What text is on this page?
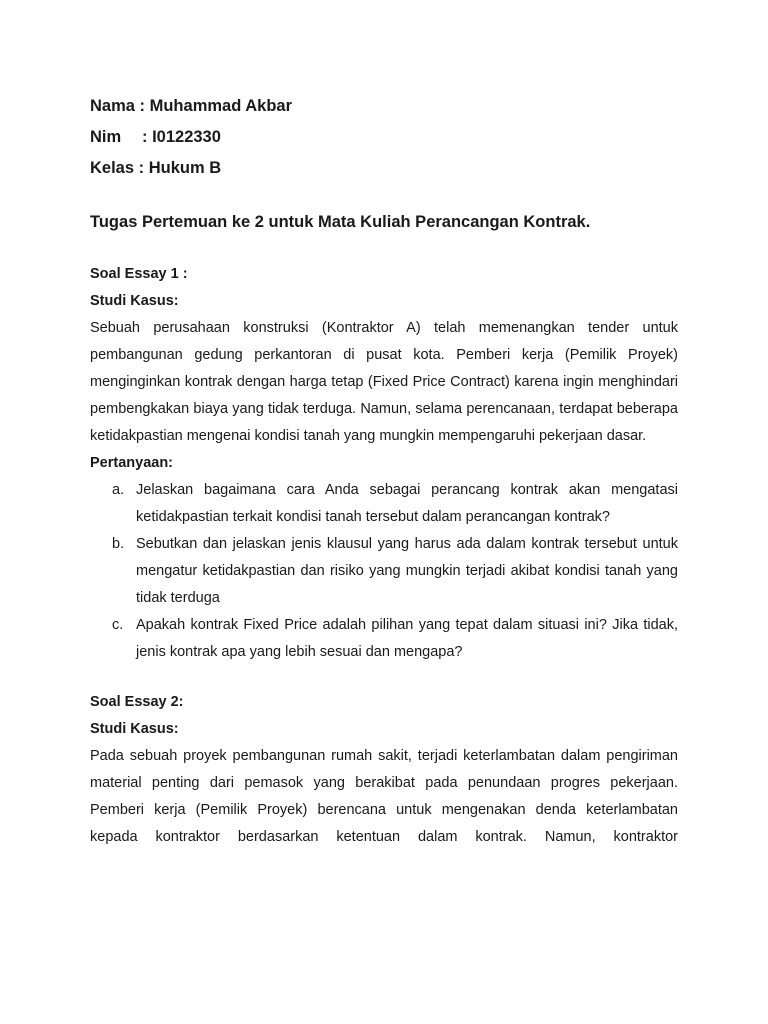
Nama : Muhammad Akbar
Nim : I0122330
Kelas : Hukum B
Tugas Pertemuan ke 2 untuk Mata Kuliah Perancangan Kontrak.
Soal Essay 1 :
Studi Kasus:

Sebuah perusahaan konstruksi (Kontraktor A) telah memenangkan tender untuk pembangunan gedung perkantoran di pusat kota. Pemberi kerja (Pemilik Proyek) menginginkan kontrak dengan harga tetap (Fixed Price Contract) karena ingin menghindari pembengkakan biaya yang tidak terduga. Namun, selama perencanaan, terdapat beberapa ketidakpastian mengenai kondisi tanah yang mungkin mempengaruhi pekerjaan dasar.

Pertanyaan:
a. Jelaskan bagaimana cara Anda sebagai perancang kontrak akan mengatasi ketidakpastian terkait kondisi tanah tersebut dalam perancangan kontrak?
b. Sebutkan dan jelaskan jenis klausul yang harus ada dalam kontrak tersebut untuk mengatur ketidakpastian dan risiko yang mungkin terjadi akibat kondisi tanah yang tidak terduga
c. Apakah kontrak Fixed Price adalah pilihan yang tepat dalam situasi ini? Jika tidak, jenis kontrak apa yang lebih sesuai dan mengapa?
Soal Essay 2:
Studi Kasus:

Pada sebuah proyek pembangunan rumah sakit, terjadi keterlambatan dalam pengiriman material penting dari pemasok yang berakibat pada penundaan progres pekerjaan. Pemberi kerja (Pemilik Proyek) berencana untuk mengenakan denda keterlambatan kepada kontraktor berdasarkan ketentuan dalam kontrak. Namun, kontraktor
